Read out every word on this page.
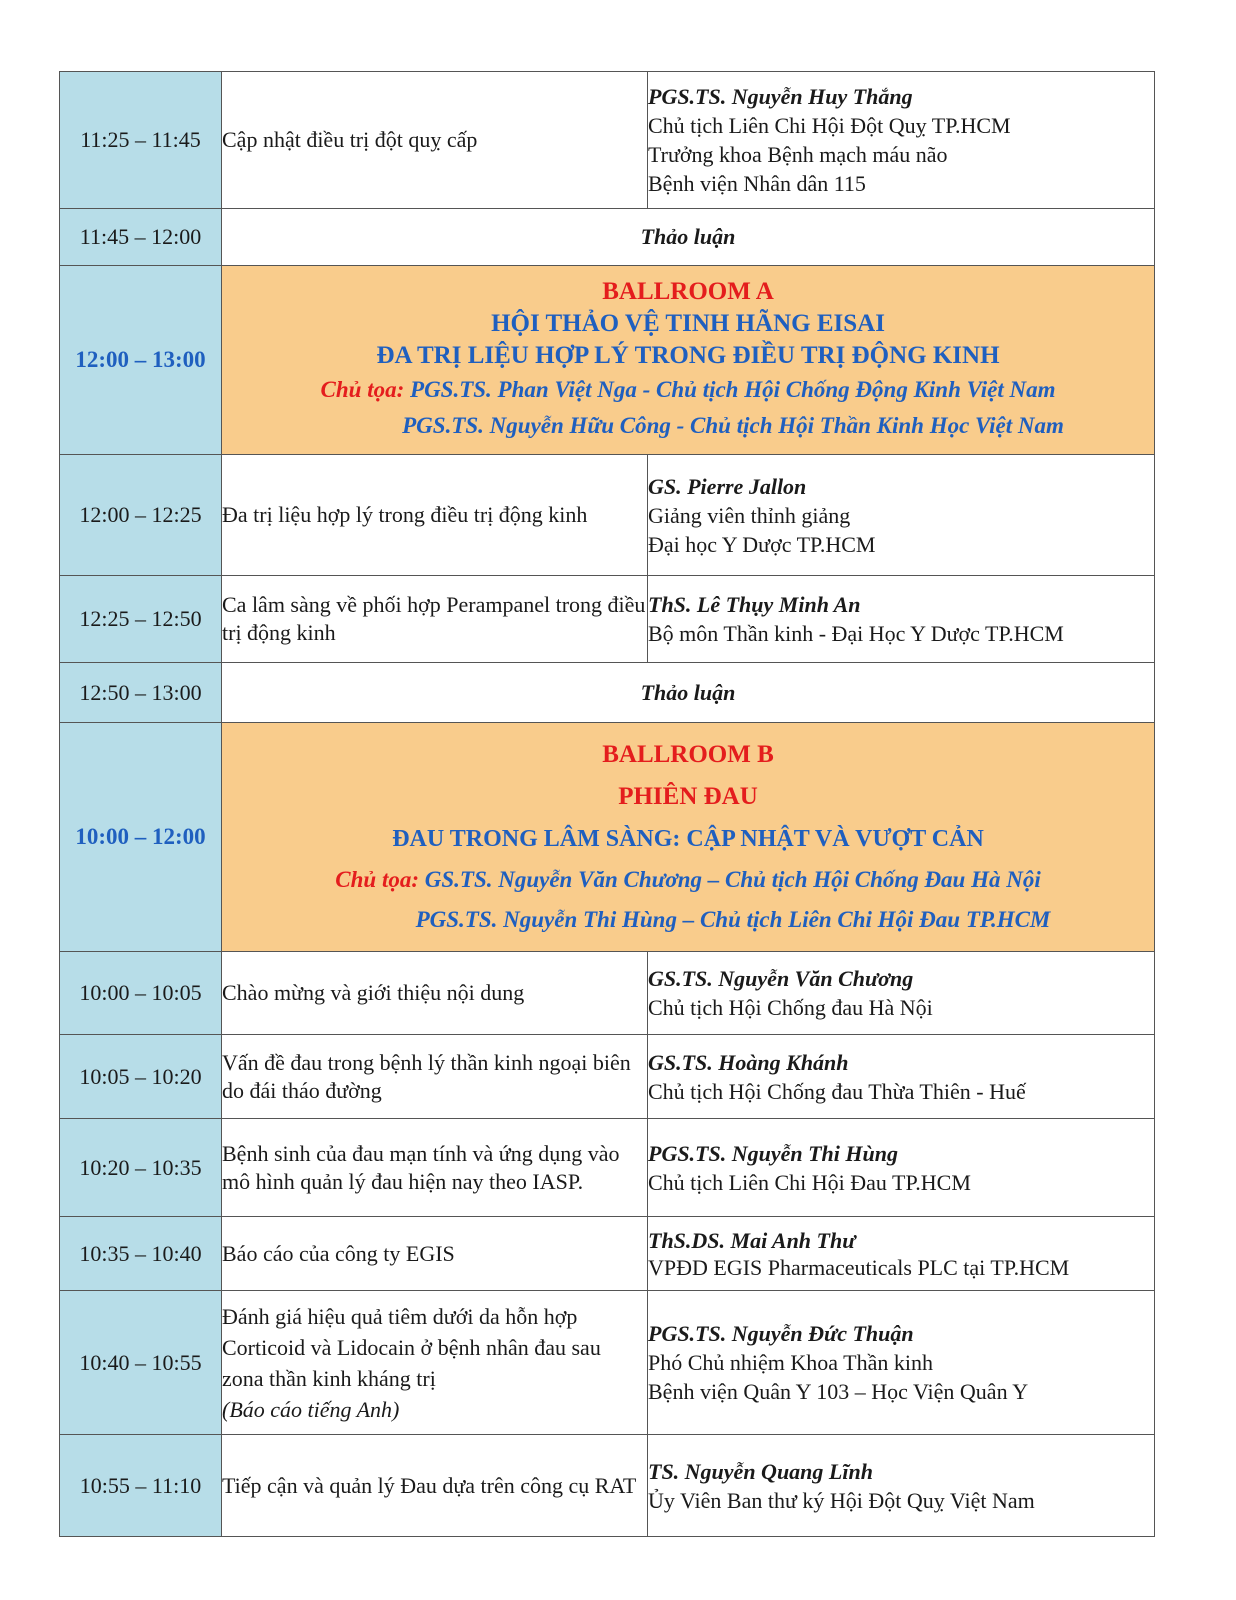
11:25 – 11:45	Cập nhật điều trị đột quỵ cấp	PGS.TS. Nguyễn Huy Thắng
Chủ tịch Liên Chi Hội Đột Quỵ TP.HCM
Trưởng khoa Bệnh mạch máu não
Bệnh viện Nhân dân 115

11:45 – 12:00	Thảo luận	
12:00 – 13:00	BALLROOM A
HỘI THẢO VỆ TINH HÃNG EISAI
ĐA TRỊ LIỆU HỢP LÝ TRONG ĐIỀU TRỊ ĐỘNG KINH
Chủ tọa: PGS.TS. Phan Việt Nga - Chủ tịch Hội Chống Động Kinh Việt Nam
PGS.TS. Nguyễn Hữu Công - Chủ tịch Hội Thần Kinh Học Việt Nam	

12:00 – 12:25	Đa trị liệu hợp lý trong điều trị động kinh	GS. Pierre Jallon
Giảng viên thỉnh giảng
Đại học Y Dược TP.HCM

12:25 – 12:50	Ca lâm sàng về phối hợp Perampanel trong điều trị động kinh	ThS. Lê Thụy Minh An
Bộ môn Thần kinh - Đại Học Y Dược TP.HCM

12:50 – 13:00	Thảo luận	
10:00 – 12:00	BALLROOM B
PHIÊN ĐAU
ĐAU TRONG LÂM SÀNG: CẬP NHẬT VÀ VƯỢT CẢN
Chủ tọa: GS.TS. Nguyễn Văn Chương – Chủ tịch Hội Chống Đau Hà Nội
PGS.TS. Nguyễn Thi Hùng – Chủ tịch Liên Chi Hội Đau TP.HCM	

10:00 – 10:05	Chào mừng và giới thiệu nội dung	GS.TS. Nguyễn Văn Chương
Chủ tịch Hội Chống đau Hà Nội

10:05 – 10:20	Vấn đề đau trong bệnh lý thần kinh ngoại biên do đái tháo đường	GS.TS. Hoàng Khánh
Chủ tịch Hội Chống đau Thừa Thiên - Huế

10:20 – 10:35	Bệnh sinh của đau mạn tính và ứng dụng vào mô hình quản lý đau hiện nay theo IASP.	PGS.TS. Nguyễn Thi Hùng
Chủ tịch Liên Chi Hội Đau TP.HCM

10:35 – 10:40	Báo cáo của công ty EGIS	ThS.DS. Mai Anh Thư
VPĐD EGIS Pharmaceuticals PLC tại TP.HCM

10:40 – 10:55	Đánh giá hiệu quả tiêm dưới da hỗn hợp Corticoid và Lidocain ở bệnh nhân đau sau zona thần kinh kháng trị
(Báo cáo tiếng Anh)	PGS.TS. Nguyễn Đức Thuận
Phó Chủ nhiệm Khoa Thần kinh
Bệnh viện Quân Y 103 – Học Viện Quân Y

10:55 – 11:10	Tiếp cận và quản lý Đau dựa trên công cụ RAT	TS. Nguyễn Quang Lĩnh
Ủy Viên Ban thư ký Hội Đột Quỵ Việt Nam
